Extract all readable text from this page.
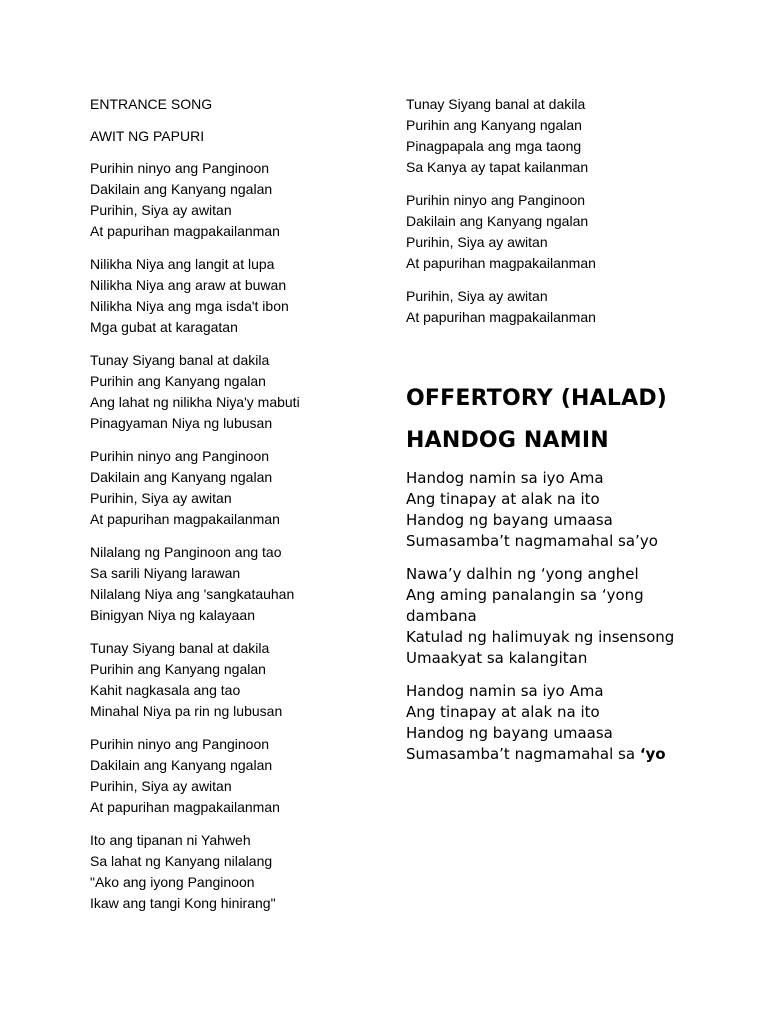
ENTRANCE SONG
AWIT NG PAPURI
Purihin ninyo ang Panginoon
Dakilain ang Kanyang ngalan
Purihin, Siya ay awitan
At papurihan magpakailanman
Nilikha Niya ang langit at lupa
Nilikha Niya ang araw at buwan
Nilikha Niya ang mga isda't ibon
Mga gubat at karagatan
Tunay Siyang banal at dakila
Purihin ang Kanyang ngalan
Ang lahat ng nilikha Niya'y mabuti
Pinagyaman Niya ng lubusan
Purihin ninyo ang Panginoon
Dakilain ang Kanyang ngalan
Purihin, Siya ay awitan
At papurihan magpakailanman
Nilalang ng Panginoon ang tao
Sa sarili Niyang larawan
Nilalang Niya ang 'sangkatauhan
Binigyan Niya ng kalayaan
Tunay Siyang banal at dakila
Purihin ang Kanyang ngalan
Kahit nagkasala ang tao
Minahal Niya pa rin ng lubusan
Purihin ninyo ang Panginoon
Dakilain ang Kanyang ngalan
Purihin, Siya ay awitan
At papurihan magpakailanman
Ito ang tipanan ni Yahweh
Sa lahat ng Kanyang nilalang
"Ako ang iyong Panginoon
Ikaw ang tangi Kong hinirang"
Tunay Siyang banal at dakila
Purihin ang Kanyang ngalan
Pinagpapala ang mga taong
Sa Kanya ay tapat kailanman
Purihin ninyo ang Panginoon
Dakilain ang Kanyang ngalan
Purihin, Siya ay awitan
At papurihan magpakailanman
Purihin, Siya ay awitan
At papurihan magpakailanman
OFFERTORY (HALAD)
HANDOG NAMIN
Handog namin sa iyo Ama
Ang tinapay at alak na ito
Handog ng bayang umaasa
Sumasamba’t nagmamahal sa’yo
Nawa’y dalhin ng ‘yong anghel
Ang aming panalangin sa ‘yong
dambana
Katulad ng halimuyak ng insensong
Umaakyat sa kalangitan
Handog namin sa iyo Ama
Ang tinapay at alak na ito
Handog ng bayang umaasa
Sumasamba’t nagmamahal sa ‘yo
